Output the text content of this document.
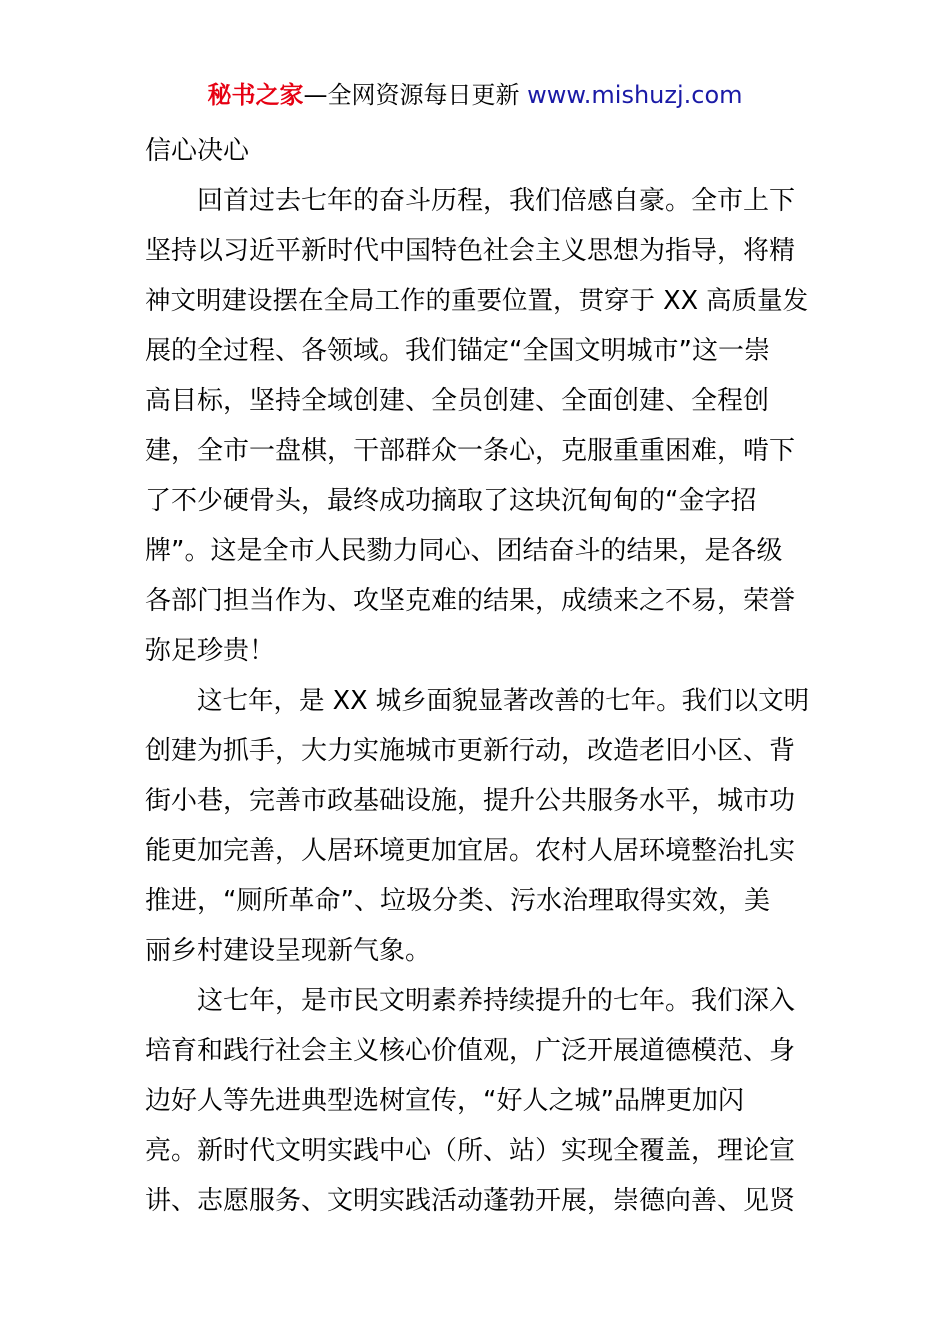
秘书之家—全网资源每日更新 www.mishuzj.com
信心决心
回首过去七年的奋斗历程，我们倍感自豪。全市上下
坚持以习近平新时代中国特色社会主义思想为指导，将精
神文明建设摆在全局工作的重要位置，贯穿于 XX 高质量发
展的全过程、各领域。我们锚定“全国文明城市”这一崇
高目标，坚持全域创建、全员创建、全面创建、全程创
建，全市一盘棋，干部群众一条心，克服重重困难，啃下
了不少硬骨头，最终成功摘取了这块沉甸甸的“金字招
牌”。这是全市人民勠力同心、团结奋斗的结果，是各级
各部门担当作为、攻坚克难的结果，成绩来之不易，荣誉
弥足珍贵！
这七年，是 XX 城乡面貌显著改善的七年。我们以文明
创建为抓手，大力实施城市更新行动，改造老旧小区、背
街小巷，完善市政基础设施，提升公共服务水平，城市功
能更加完善，人居环境更加宜居。农村人居环境整治扎实
推进，“厕所革命”、垃圾分类、污水治理取得实效，美
丽乡村建设呈现新气象。
这七年，是市民文明素养持续提升的七年。我们深入
培育和践行社会主义核心价值观，广泛开展道德模范、身
边好人等先进典型选树宣传，“好人之城”品牌更加闪
亮。新时代文明实践中心（所、站）实现全覆盖，理论宣
讲、志愿服务、文明实践活动蓬勃开展，崇德向善、见贤
